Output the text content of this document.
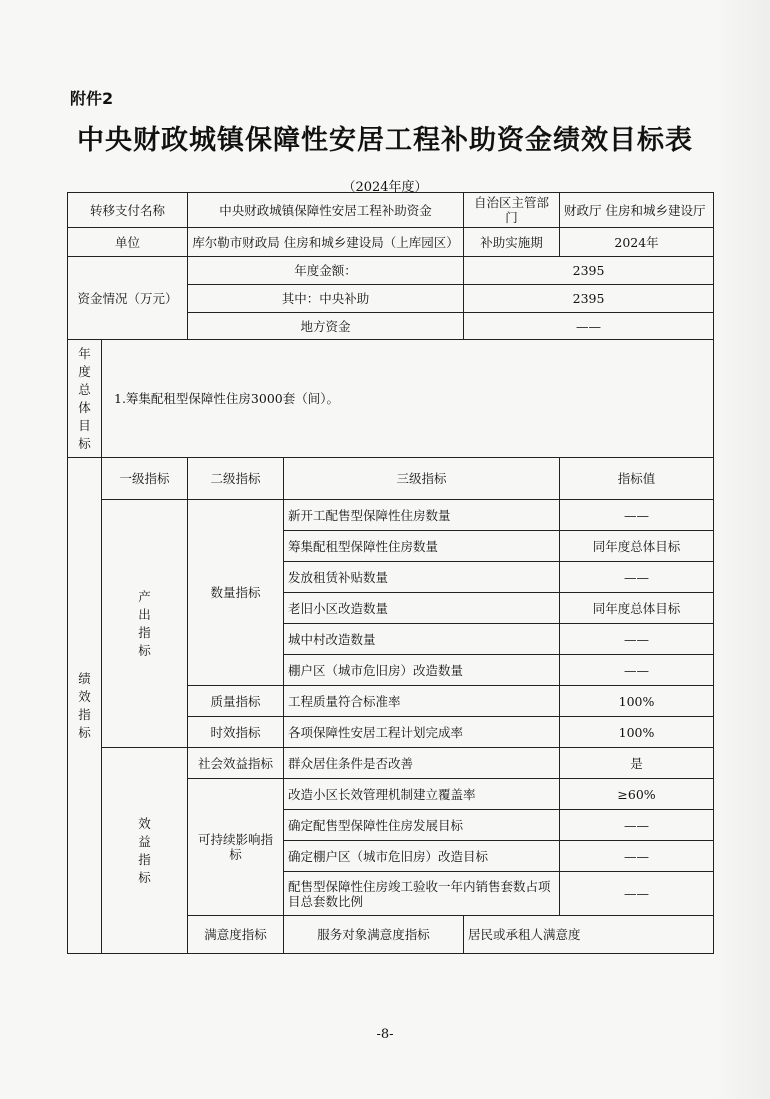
附件2
中央财政城镇保障性安居工程补助资金绩效目标表
（2024年度）
转移支付名称		中央财政城镇保障性安居工程补助资金		自治区主管部门	财政厅 住房和城乡建设厅	
单位		库尔勒市财政局 住房和城乡建设局（上库园区）		补助实施期	2024年	
资金情况（万元）		年度金额：		2395		
		其中：中央补助		2395		
		地方资金		——		
年度总体目标	1.筹集配租型保障性住房3000套（间）。					
绩效指标	一级指标	二级指标	三级指标		指标值	
	产出指标	数量指标	新开工配售型保障性住房数量		——	
			筹集配租型保障性住房数量		同年度总体目标	
			发放租赁补贴数量		——	
			老旧小区改造数量		同年度总体目标	
			城中村改造数量		——	
			棚户区（城市危旧房）改造数量		——	
		质量指标	工程质量符合标准率		100%	
		时效指标	各项保障性安居工程计划完成率		100%	
	效益指标	社会效益指标	群众居住条件是否改善		是	
		可持续影响指标	改造小区长效管理机制建立覆盖率		≥60%	
			确定配售型保障性住房发展目标		——	
			确定棚户区（城市危旧房）改造目标		——	
			配售型保障性住房竣工验收一年内销售套数占项目总套数比例		——	
		满意度指标	服务对象满意度指标	居民或承租人满意度	
-8-
